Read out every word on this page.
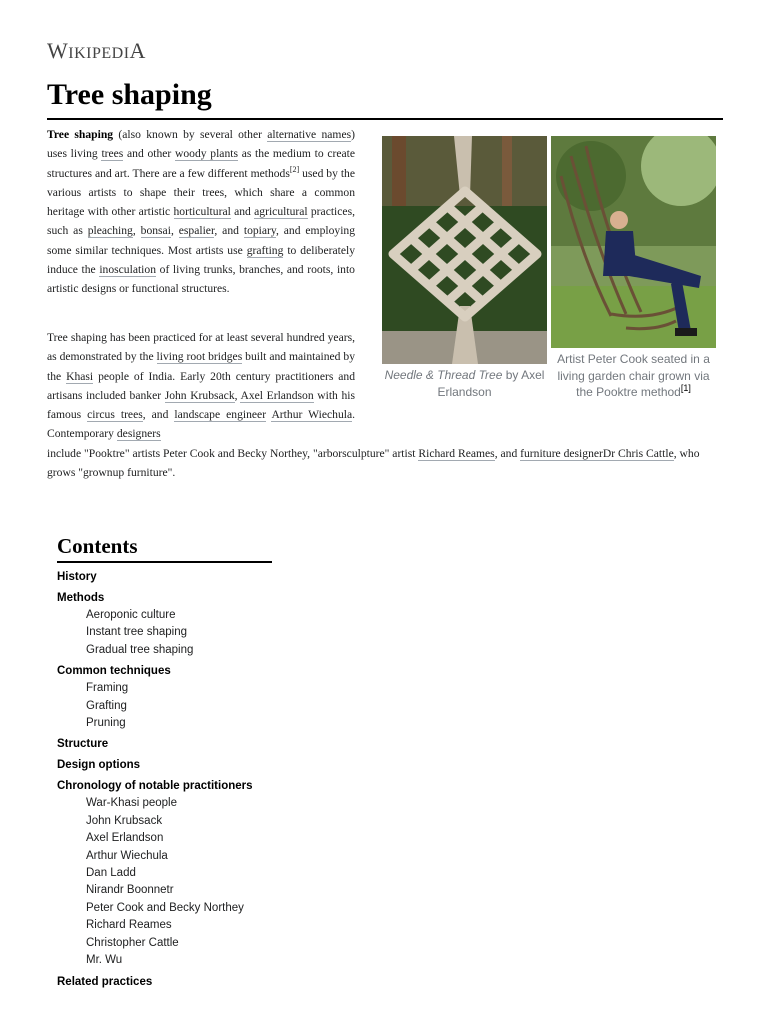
WIKIPEDIA
Tree shaping

Tree shaping (also known by several other alternative names) uses living trees and other woody plants as the medium to create structures and art. There are a few different methods[2] used by the various artists to shape their trees, which share a common heritage with other artistic horticultural and agricultural practices, such as pleaching, bonsai, espalier, and topiary, and employing some similar techniques. Most artists use grafting to deliberately induce the inosculation of living trunks, branches, and roots, into artistic designs or functional structures.

Tree shaping has been practiced for at least several hundred years, as demonstrated by the living root bridges built and maintained by the Khasi people of India. Early 20th century practitioners and artisans included banker John Krubsack, Axel Erlandson with his famous circus trees, and landscape engineer Arthur Wiechula. Contemporary designers
include "Pooktre" artists Peter Cook and Becky Northey, "arborsculpture" artist Richard Reames, and furniture designerDr Chris Cattle, who grows "grownup furniture".
Needle & Thread Tree by Axel Erlandson
Artist Peter Cook seated in a living garden chair grown via the Pooktre method[1]
Contents
History
Methods
Aeroponic culture
Instant tree shaping
Gradual tree shaping
Common techniques
Framing
Grafting
Pruning
Structure
Design options
Chronology of notable practitioners
War-Khasi people
John Krubsack
Axel Erlandson
Arthur Wiechula
Dan Ladd
Nirandr Boonnetr
Peter Cook and Becky Northey
Richard Reames
Christopher Cattle
Mr. Wu
Related practices
